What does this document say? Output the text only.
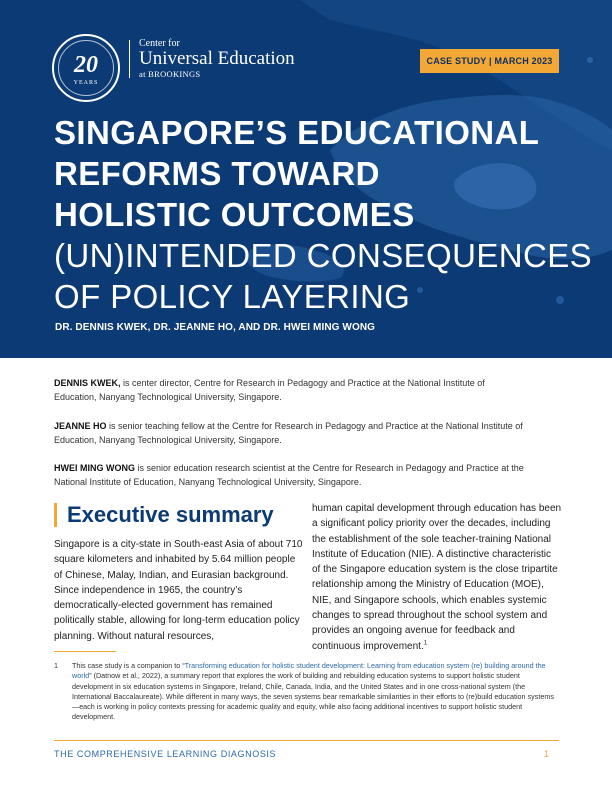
20
YEARS
Center for
Universal Education
at BROOKINGS
CASE STUDY | MARCH 2023
SINGAPORE’S EDUCATIONAL
REFORMS TOWARD
HOLISTIC OUTCOMES
(UN)INTENDED CONSEQUENCES
OF POLICY LAYERING
DR. DENNIS KWEK, DR. JEANNE HO, AND DR. HWEI MING WONG

DENNIS KWEK, is center director, Centre for Research in Pedagogy and Practice at the National Institute of Education, Nanyang Technological University, Singapore.

JEANNE HO is senior teaching fellow at the Centre for Research in Pedagogy and Practice at the National Institute of Education, Nanyang Technological University, Singapore.

HWEI MING WONG is senior education research scientist at the Centre for Research in Pedagogy and Practice at the National Institute of Education, Nanyang Technological University, Singapore.

Executive summary

Singapore is a city-state in South-east Asia of about 710 square kilometers and inhabited by 5.64 million people of Chinese, Malay, Indian, and Eurasian background. Since independence in 1965, the country’s democratically-elected government has remained politically stable, allowing for long-term education policy planning. Without natural resources,

human capital development through education has been a significant policy priority over the decades, including the establishment of the sole teacher-training National Institute of Education (NIE). A distinctive characteristic of the Singapore education system is the close tripartite relationship among the Ministry of Education (MOE), NIE, and Singapore schools, which enables systemic changes to spread throughout the school system and provides an ongoing avenue for feedback and continuous improvement.$^1$

1	This case study is a companion to “Transforming education for holistic student development: Learning from education system (re) building around the world” (Datnow et al., 2022), a summary report that explores the work of building and rebuilding education systems to support holistic student development in six education systems in Singapore, Ireland, Chile, Canada, India, and the United States and in one cross-national system (the International Baccalaureate). While different in many ways, the seven systems bear remarkable similarities in their efforts to (re)build education systems—each is working in policy contexts pressing for academic quality and equity, while also facing additional incentives to support holistic student development.
THE COMPREHENSIVE LEARNING DIAGNOSIS	1
